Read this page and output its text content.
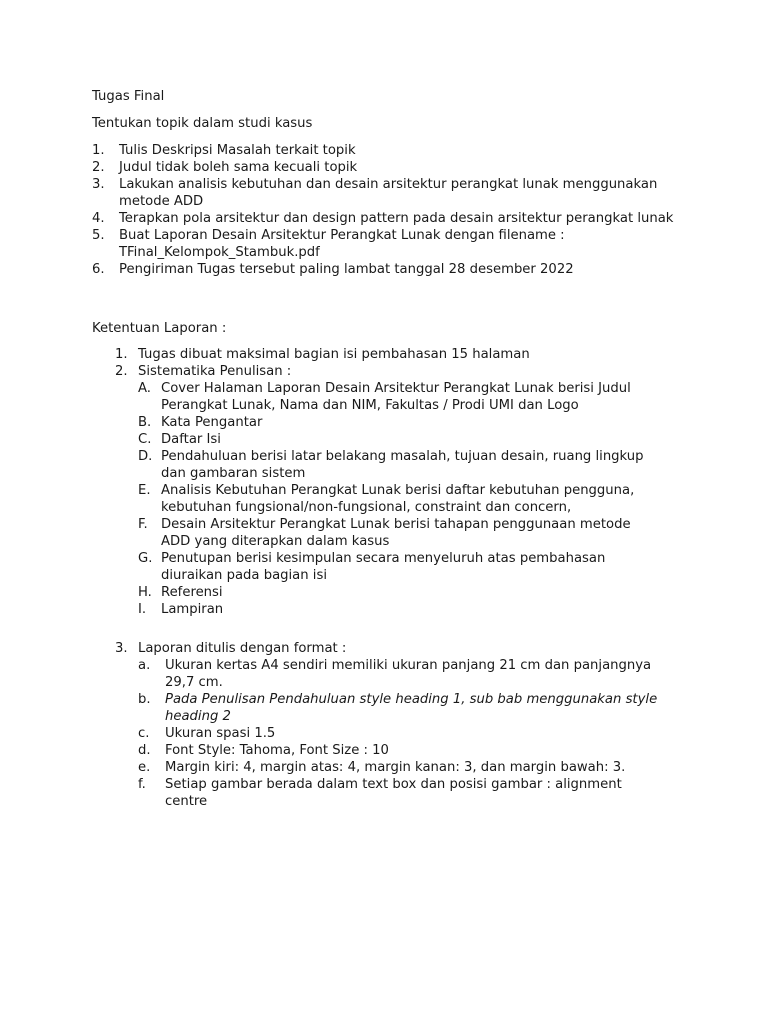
Tugas Final

Tentukan topik dalam studi kasus

1. Tulis Deskripsi Masalah terkait topik
2. Judul tidak boleh sama kecuali topik
3. Lakukan analisis kebutuhan dan desain arsitektur perangkat lunak menggunakan metode ADD
4. Terapkan pola arsitektur dan design pattern pada desain arsitektur perangkat lunak
5. Buat Laporan Desain Arsitektur Perangkat Lunak dengan filename : TFinal_Kelompok_Stambuk.pdf
6. Pengiriman Tugas tersebut paling lambat tanggal 28 desember 2022

Ketentuan Laporan :

1. Tugas dibuat maksimal bagian isi pembahasan 15 halaman
2. Sistematika Penulisan :
A. Cover Halaman Laporan Desain Arsitektur Perangkat Lunak berisi Judul Perangkat Lunak, Nama dan NIM, Fakultas / Prodi UMI dan Logo
B. Kata Pengantar
C. Daftar Isi
D. Pendahuluan berisi latar belakang masalah, tujuan desain, ruang lingkup dan gambaran sistem
E. Analisis Kebutuhan Perangkat Lunak berisi daftar kebutuhan pengguna, kebutuhan fungsional/non-fungsional, constraint dan concern,
F. Desain Arsitektur Perangkat Lunak berisi tahapan penggunaan metode ADD yang diterapkan dalam kasus
G. Penutupan berisi kesimpulan secara menyeluruh atas pembahasan diuraikan pada bagian isi
H. Referensi
I. Lampiran
3. Laporan ditulis dengan format :
a. Ukuran kertas A4 sendiri memiliki ukuran panjang 21 cm dan panjangnya 29,7 cm.
b. Pada Penulisan Pendahuluan style heading 1, sub bab menggunakan style heading 2
c. Ukuran spasi 1.5
d. Font Style: Tahoma, Font Size : 10
e. Margin kiri: 4, margin atas: 4, margin kanan: 3, dan margin bawah: 3.
f. Setiap gambar berada dalam text box dan posisi gambar : alignment centre
